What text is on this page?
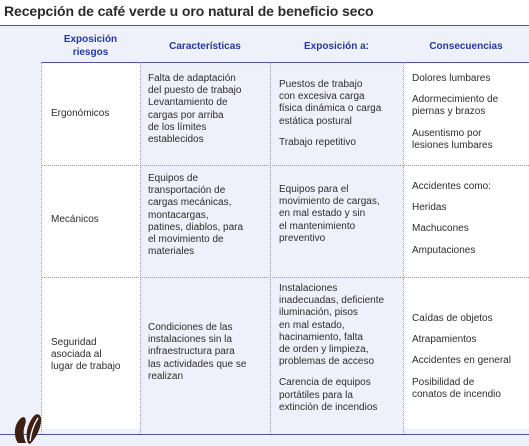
Recepción de café verde u oro natural de beneficio seco
Exposición
riesgos
Características	Exposición a:	Consecuencias
Ergonómicos
Falta de adaptación
del puesto de trabajo
Levantamiento de
cargas por arriba
de los límites
establecidos
Puestos de trabajo
con excesiva carga
física dinámica o carga
estática postural
Trabajo repetitivo
Dolores lumbares
Adormecimiento de
piernas y brazos
Ausentismo por
lesiones lumbares
Mecánicos
Equipos de
transportación de
cargas mecánicas,
montacargas,
patines, diablos, para
el movimiento de
materiales
Equipos para el
movimiento de cargas,
en mal estado y sin
el mantenimiento
preventivo
Accidentes como:
Heridas
Machucones
Amputaciones
Seguridad
asociada al
lugar de trabajo
Condiciones de las
instalaciones sin la
infraestructura para
las actividades que se
realizan
Instalaciones
inadecuadas, deficiente
iluminación, pisos
en mal estado,
hacinamiento, falta
de orden y limpieza,
problemas de acceso
Carencia de equipos
portátiles para la
extinción de incendios
Caídas de objetos
Atrapamientos
Accidentes en general
Posibilidad de
conatos de incendio
